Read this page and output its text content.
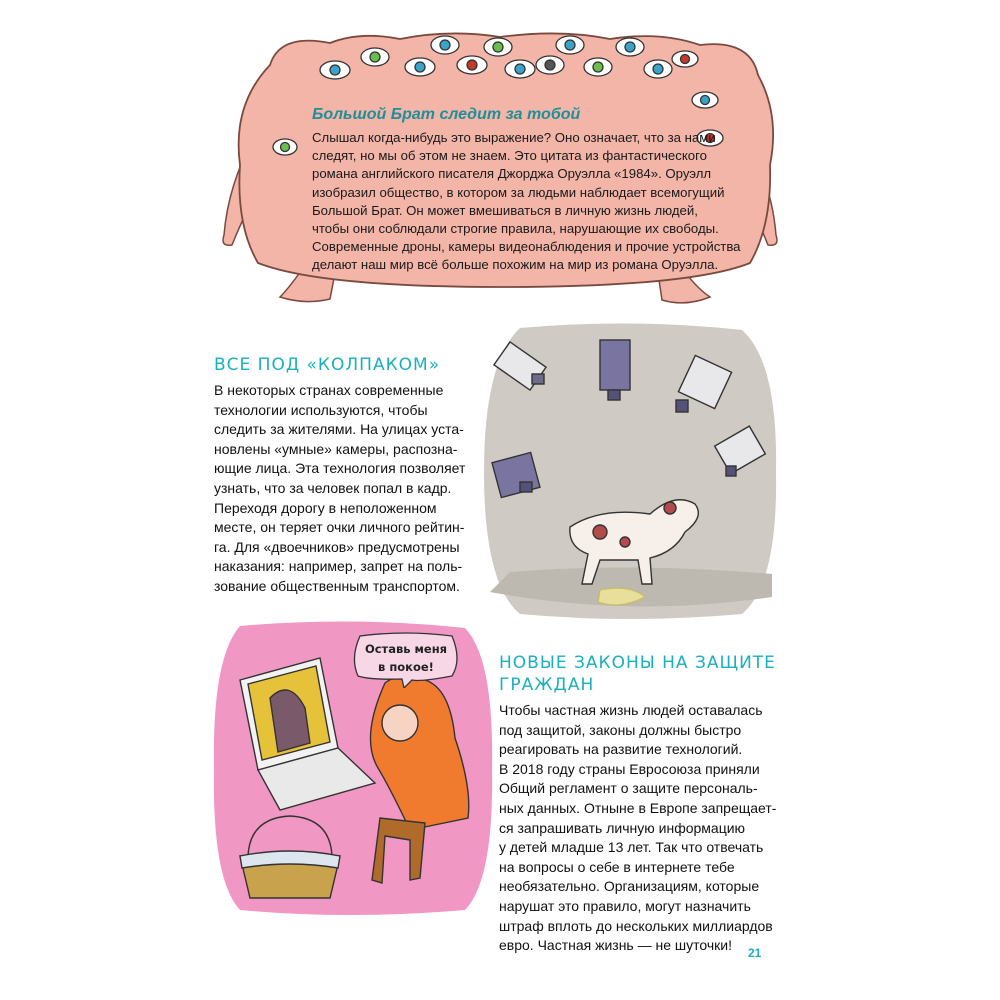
Большой Брат следит за тобой

Слышал когда-нибудь это выражение? Оно означает, что за нами

следят, но мы об этом не знаем. Это цитата из фантастического

романа английского писателя Джорджа Оруэлла «1984». Оруэлл

изобразил общество, в котором за людьми наблюдает всемогущий

Большой Брат. Он может вмешиваться в личную жизнь людей,

чтобы они соблюдали строгие правила, нарушающие их свободы.

Современные дроны, камеры видеонаблюдения и прочие устройства

делают наш мир всё больше похожим на мир из романа Оруэлла.

ВСЕ ПОД «КОЛПАКОМ»

В некоторых странах современные

технологии используются, чтобы

следить за жителями. На улицах уста-

новлены «умные» камеры, распозна-

ющие лица. Эта технология позволяет

узнать, что за человек попал в кадр.

Переходя дорогу в неположенном

месте, он теряет очки личного рейтин-

га. Для «двоечников» предусмотрены

наказания: например, запрет на поль-

зование общественным транспортом.

НОВЫЕ ЗАКОНЫ НА ЗАЩИТЕ
ГРАЖДАН

Чтобы частная жизнь людей оставалась

под защитой, законы должны быстро

реагировать на развитие технологий.

В 2018 году страны Евросоюза приняли

Общий регламент о защите персональ-

ных данных. Отныне в Европе запрещает-

ся запрашивать личную информацию

у детей младше 13 лет. Так что отвечать

на вопросы о себе в интернете тебе

необязательно. Организациям, которые

нарушат это правило, могут назначить

штраф вплоть до нескольких миллиардов

евро. Частная жизнь — не шуточки!

Оставь меня
в покое!
21
